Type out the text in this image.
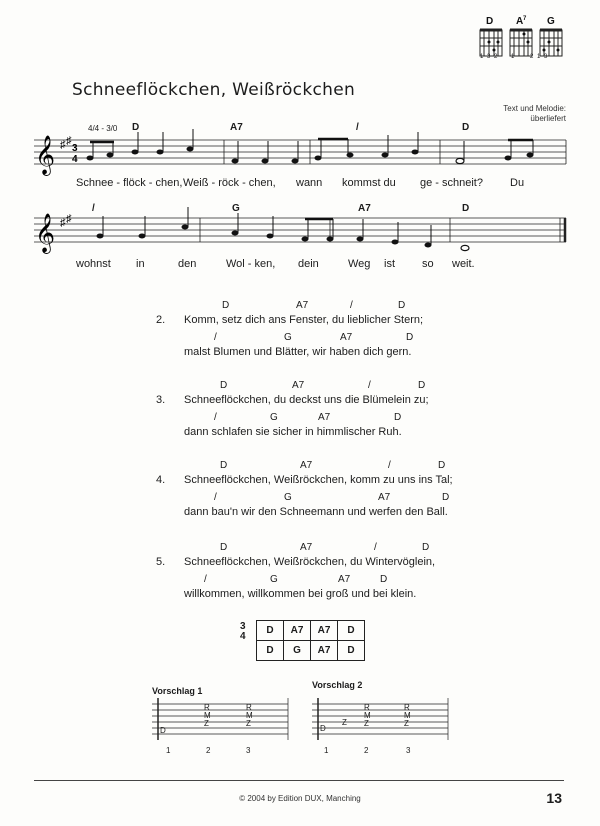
D A 7 G
1 3 2 1 2 1 3
Schneeflöckchen, Weißröckchen
Text und Melodie:
überliefert
𝄞 ♯ ♯
3
4
4/4 - 3/0 D	A7	/	D
Schnee - flöck - chen, Weiß - röck - chen, wann kommst du ge - schneit? Du
𝄞 ♯ ♯
/	G	A7	D
wohnst in	den	Wol - ken, dein	Weg ist so weit.
D	A7	/	D
2. Komm, setz dich ans Fenster, du lieblicher Stern;
/	G	A7	D
malst Blumen und Blätter, wir haben dich gern.
D	A7	/	D
3. Schneeflöckchen, du deckst uns die Blümelein zu;
/	G	A7	D
dann schlafen sie sicher in himmlischer Ruh.
D	A7	/	D
4. Schneeflöckchen, Weißröckchen, komm zu uns ins Tal;
/	G	A7	D
dann bau'n wir den Schneemann und werfen den Ball.
D	A7	/	D
5. Schneeflöckchen, Weißröckchen, du Wintervöglein,
/	G	A7	D
willkommen, willkommen bei groß und bei klein.
3
4
D	A7	A7	D
D	G	A7	D
Vorschlag 1
D
R
M
Z
R
M
Z
1	2	3
Vorschlag 2
D
Z
R
M
Z
R
M
Z
1	2	3
© 2004 by Edition DUX, Manching	13
